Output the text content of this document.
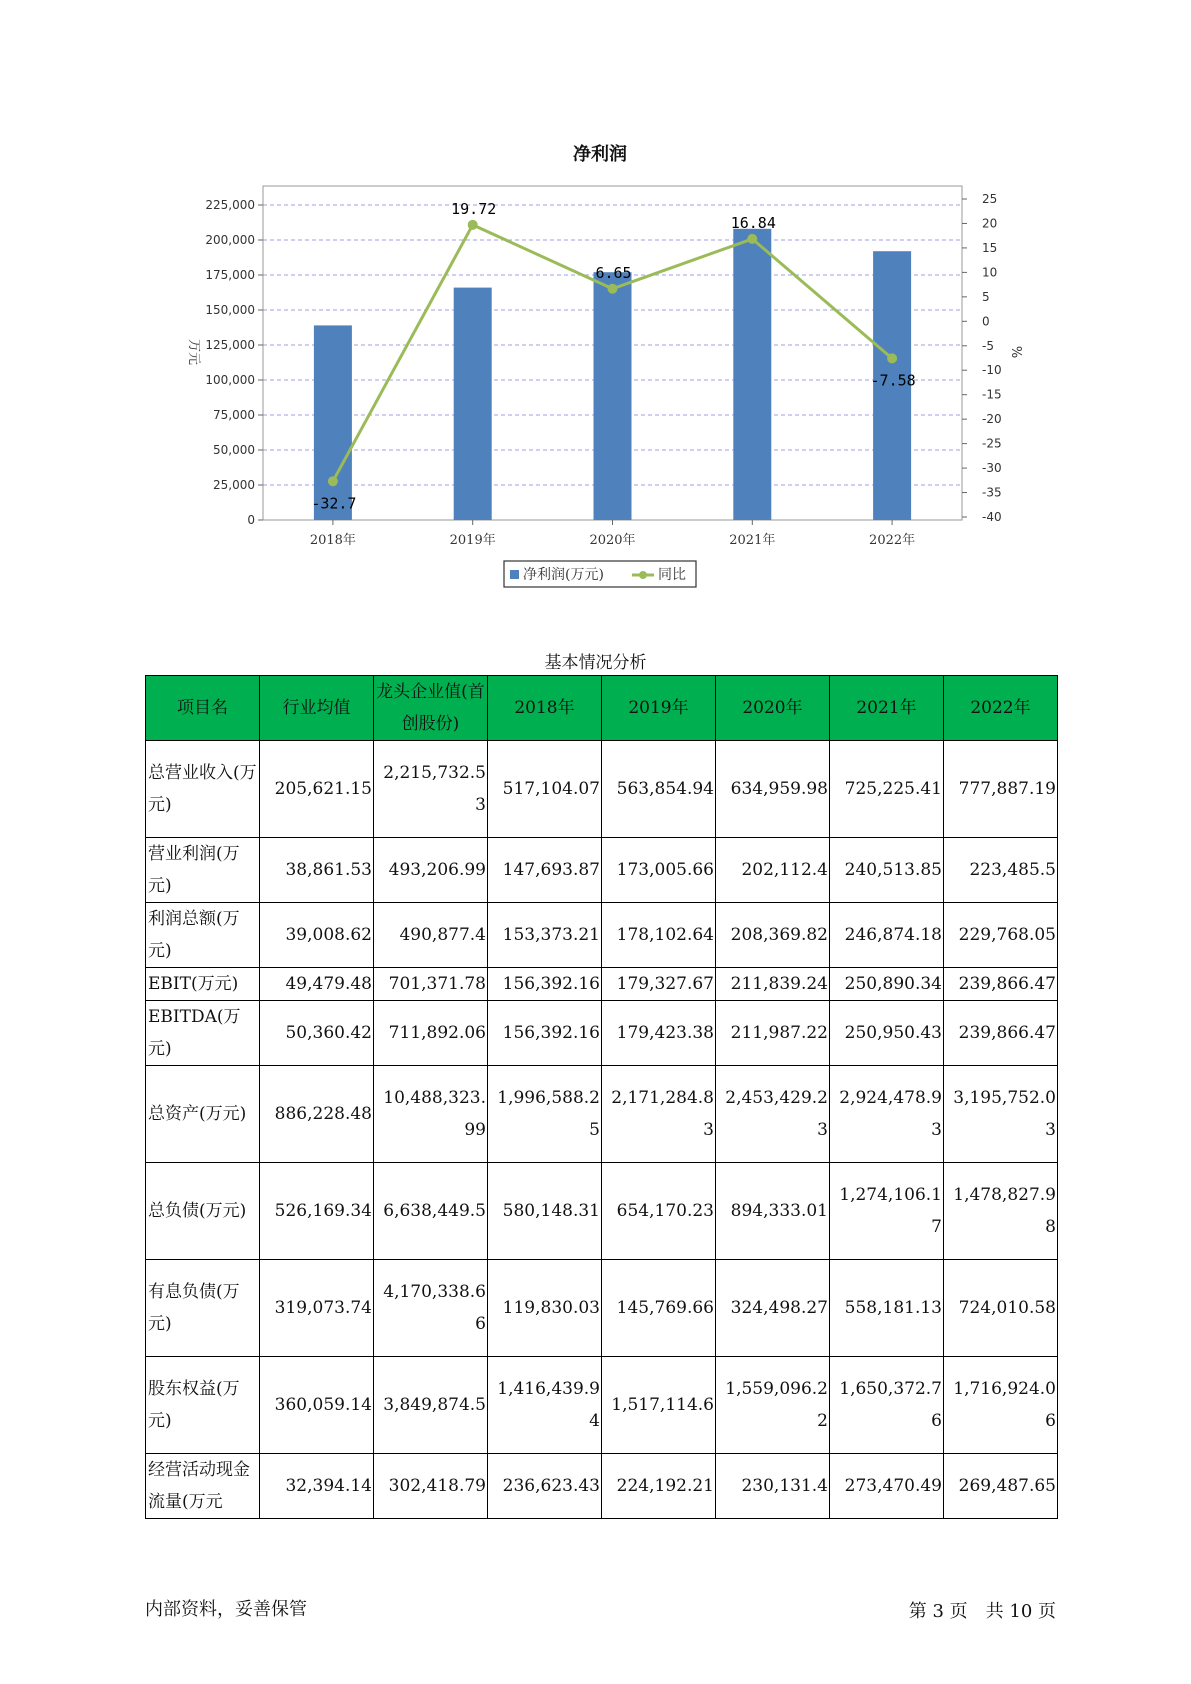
净利润
-32.7
19.72
6.65
16.84
-7.58
0
25,000
50,000
75,000
100,000
125,000
150,000
175,000
200,000
225,000
-40
-35
-30
-25
-20
-15
-10
-5
0
5
10
15
20
25
万元	%
2018年	2019年	2020年	2021年	2022年
净利润(万元)	同比
基本情况分析
项目名	行业均值	龙头企业值(首创股份)	2018年	2019年	2020年	2021年	2022年
总营业收入(万元)	205,621.15	2,215,732.53	517,104.07	563,854.94	634,959.98	725,225.41	777,887.19
营业利润(万元)	38,861.53	493,206.99	147,693.87	173,005.66	202,112.4	240,513.85	223,485.5
利润总额(万元)	39,008.62	490,877.4	153,373.21	178,102.64	208,369.82	246,874.18	229,768.05
EBIT(万元)	49,479.48	701,371.78	156,392.16	179,327.67	211,839.24	250,890.34	239,866.47
EBITDA(万元)	50,360.42	711,892.06	156,392.16	179,423.38	211,987.22	250,950.43	239,866.47
总资产(万元)	886,228.48	10,488,323.99	1,996,588.25	2,171,284.83	2,453,429.23	2,924,478.93	3,195,752.03
总负债(万元)	526,169.34	6,638,449.5	580,148.31	654,170.23	894,333.01	1,274,106.17	1,478,827.98
有息负债(万元)	319,073.74	4,170,338.66	119,830.03	145,769.66	324,498.27	558,181.13	724,010.58
股东权益(万元)	360,059.14	3,849,874.5	1,416,439.94	1,517,114.6	1,559,096.22	1,650,372.76	1,716,924.06
经营活动现金流量(万元	32,394.14	302,418.79	236,623.43	224,192.21	230,131.4	273,470.49	269,487.65
内部资料，妥善保管	第 3 页　共 10 页
